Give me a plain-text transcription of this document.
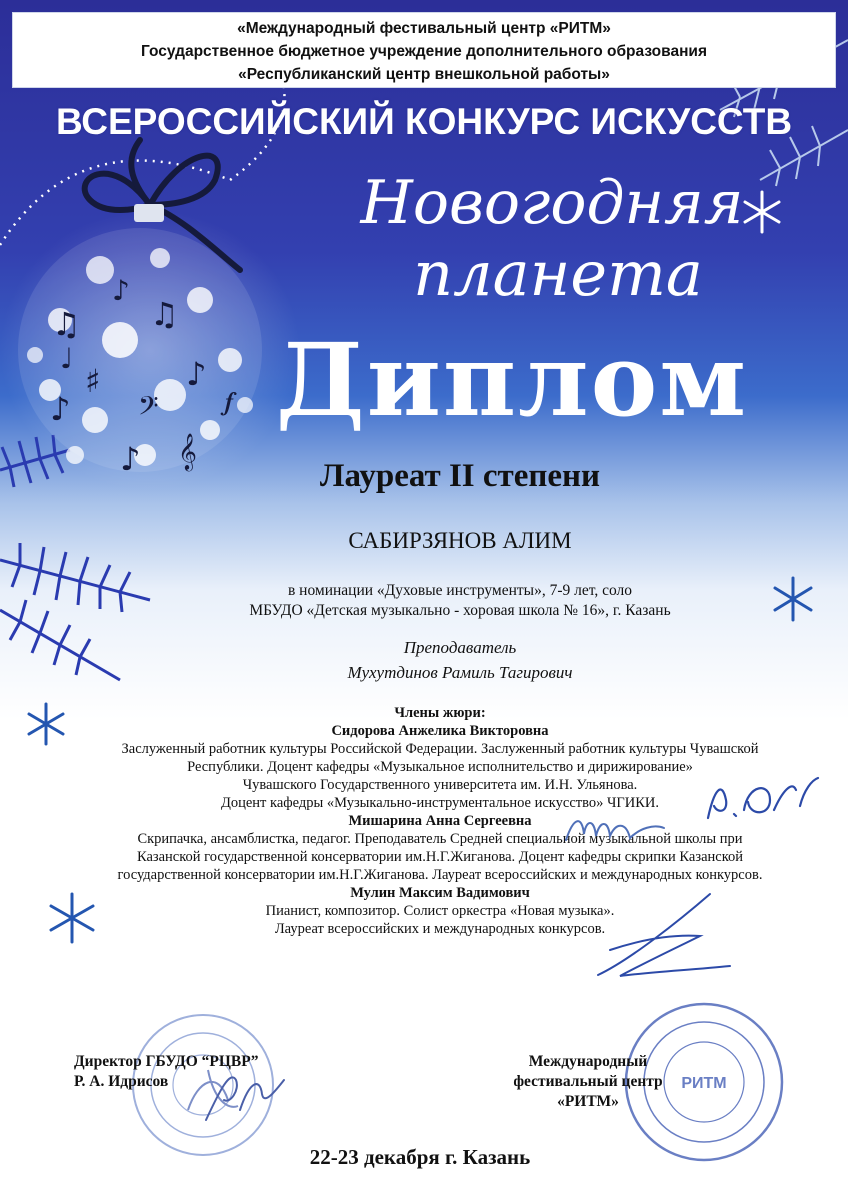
♫ ♫
♪
♯
♪ 𝄢
𝄞
♪
𝆑
♩
♪
«Международный фестивальный центр «РИТМ»
Государственное бюджетное учреждение дополнительного образования
«Республиканский центр внешкольной работы»
ВСЕРОССИЙСКИЙ КОНКУРС ИСКУССТВ
Новогодняя
планета
Диплом
Лауреат II степени
САБИРЗЯНОВ АЛИМ
в номинации «Духовые инструменты», 7-9 лет, соло
МБУДО «Детская музыкально - хоровая школа № 16», г. Казань
Преподаватель
Мухутдинов Рамиль Тагирович
Члены жюри:
Сидорова Анжелика Викторовна
Заслуженный работник культуры Российской Федерации. Заслуженный работник культуры Чувашской
Республики. Доцент кафедры «Музыкальное исполнительство и дирижирование»
Чувашского Государственного университета им. И.Н. Ульянова.
Доцент кафедры «Музыкально-инструментальное искусство» ЧГИКИ.
Мишарина Анна Сергеевна
Скрипачка, ансамблистка, педагог. Преподаватель Средней специальной музыкальной школы при
Казанской государственной консерватории им.Н.Г.Жиганова. Доцент кафедры скрипки Казанской
государственной консерватории им.Н.Г.Жиганова. Лауреат всероссийских и международных конкурсов.
Мулин Максим Вадимович
Пианист, композитор. Солист оркестра «Новая музыка».
Лауреат всероссийских и международных конкурсов.
РИТМ
Директор ГБУДО “РЦВР”
Р. А. Идрисов
Международный
фестивальный центр
«РИТМ»
22-23 декабря г. Казань
